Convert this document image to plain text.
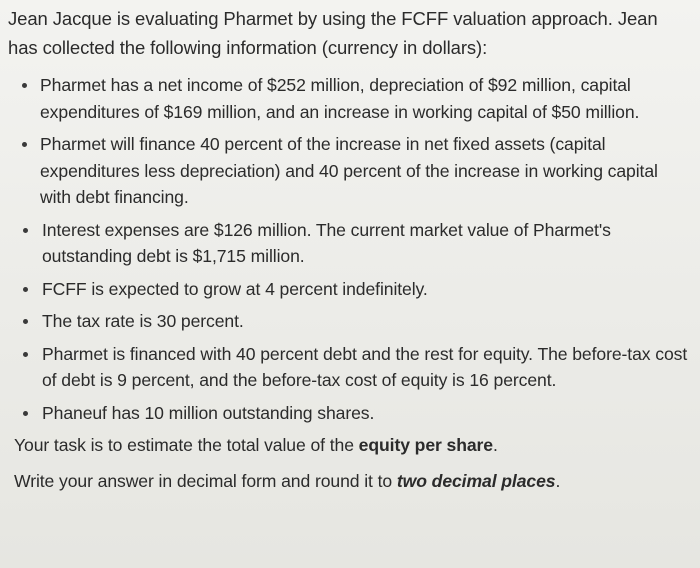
Jean Jacque is evaluating Pharmet by using the FCFF valuation approach. Jean has collected the following information (currency in dollars):

Pharmet has a net income of $252 million, depreciation of $92 million, capital expenditures of $169 million, and an increase in working capital of $50 million.
Pharmet will finance 40 percent of the increase in net fixed assets (capital expenditures less depreciation) and 40 percent of the increase in working capital with debt financing.
Interest expenses are $126 million. The current market value of Pharmet's outstanding debt is $1,715 million.
FCFF is expected to grow at 4 percent indefinitely.
The tax rate is 30 percent.
Pharmet is financed with 40 percent debt and the rest for equity. The before-tax cost of debt is 9 percent, and the before-tax cost of equity is 16 percent.
Phaneuf has 10 million outstanding shares.

Your task is to estimate the total value of the equity per share.

Write your answer in decimal form and round it to two decimal places.
